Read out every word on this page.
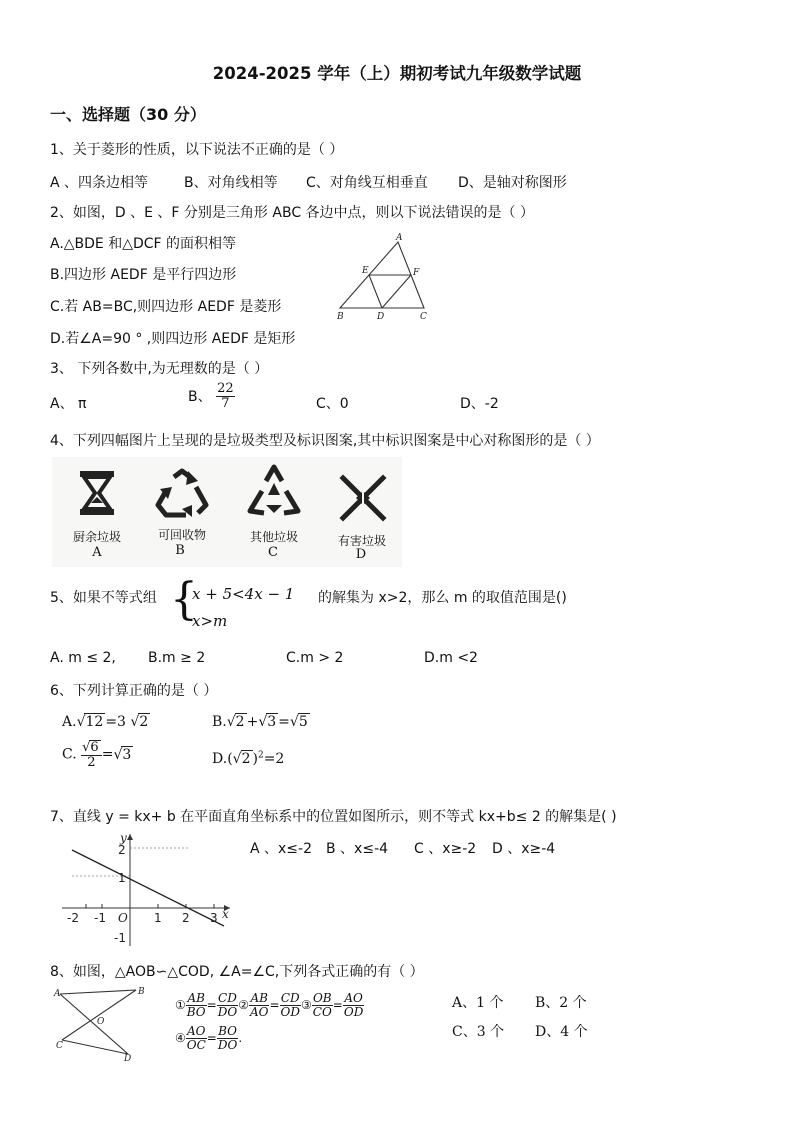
2024-2025 学年（上）期初考试九年级数学试题
一、选择题（30 分）
1、关于菱形的性质，以下说法不正确的是（ ）
A 、四条边相等	B、对角线相等 C、对角线互相垂直 D、是轴对称图形
2、如图，D 、E 、F 分别是三角形 ABC 各边中点，则以下说法错误的是（ ）
A.△BDE 和△DCF 的面积相等
B.四边形 AEDF 是平行四边形
C.若 AB=BC,则四边形 AEDF 是菱形
D.若∠A=90 ° ,则四边形 AEDF 是矩形
A
E	F
B	D	C
3、 下列各数中,为无理数的是（ ）
A、 π	B、 $\frac{22}{7}$	C、0	D、-2
4、下列四幅图片上呈现的是垃圾类型及标识图案,其中标识图案是中心对称图形的是（ ）
厨余垃圾
A
可回收物
B
其他垃圾
C
有害垃圾
D
5、如果不等式组 {
x + 5<4x − 1
x>m
的解集为 x>2，那么 m 的取值范围是()
A. m ≤ 2, B.m ≥ 2	C.m > 2	D.m <2
6、下列计算正确的是（ ）
A.√12 =3 √2	B.√2 +√3 =√5
C. $\frac{√6}{2} =√3$	D.(√2 )$^2$=2
7、直线 y = kx+ b 在平面直角坐标系中的位置如图所示，则不等式 kx+b≤ 2 的解集是( )
-2 -1	1 2 3
2
1
-1
O	x
y
A 、x≤-2 B 、x≤-4 C 、x≥-2 D 、x≥-4
8、如图，△AOB∽△COD, ∠A=∠C,下列各式正确的有（ ）
A	B
O
C
D
① $\frac{AB}{BO} = \frac{CD}{DO}$ ② $\frac{AB}{AO} = \frac{CD}{OD}$ ③ $\frac{OB}{CO} = \frac{AO}{OD}$
④ $\frac{AO}{OC} = \frac{BO}{DO}$ .
A、1 个 B、2 个
C、3 个 D、4 个
